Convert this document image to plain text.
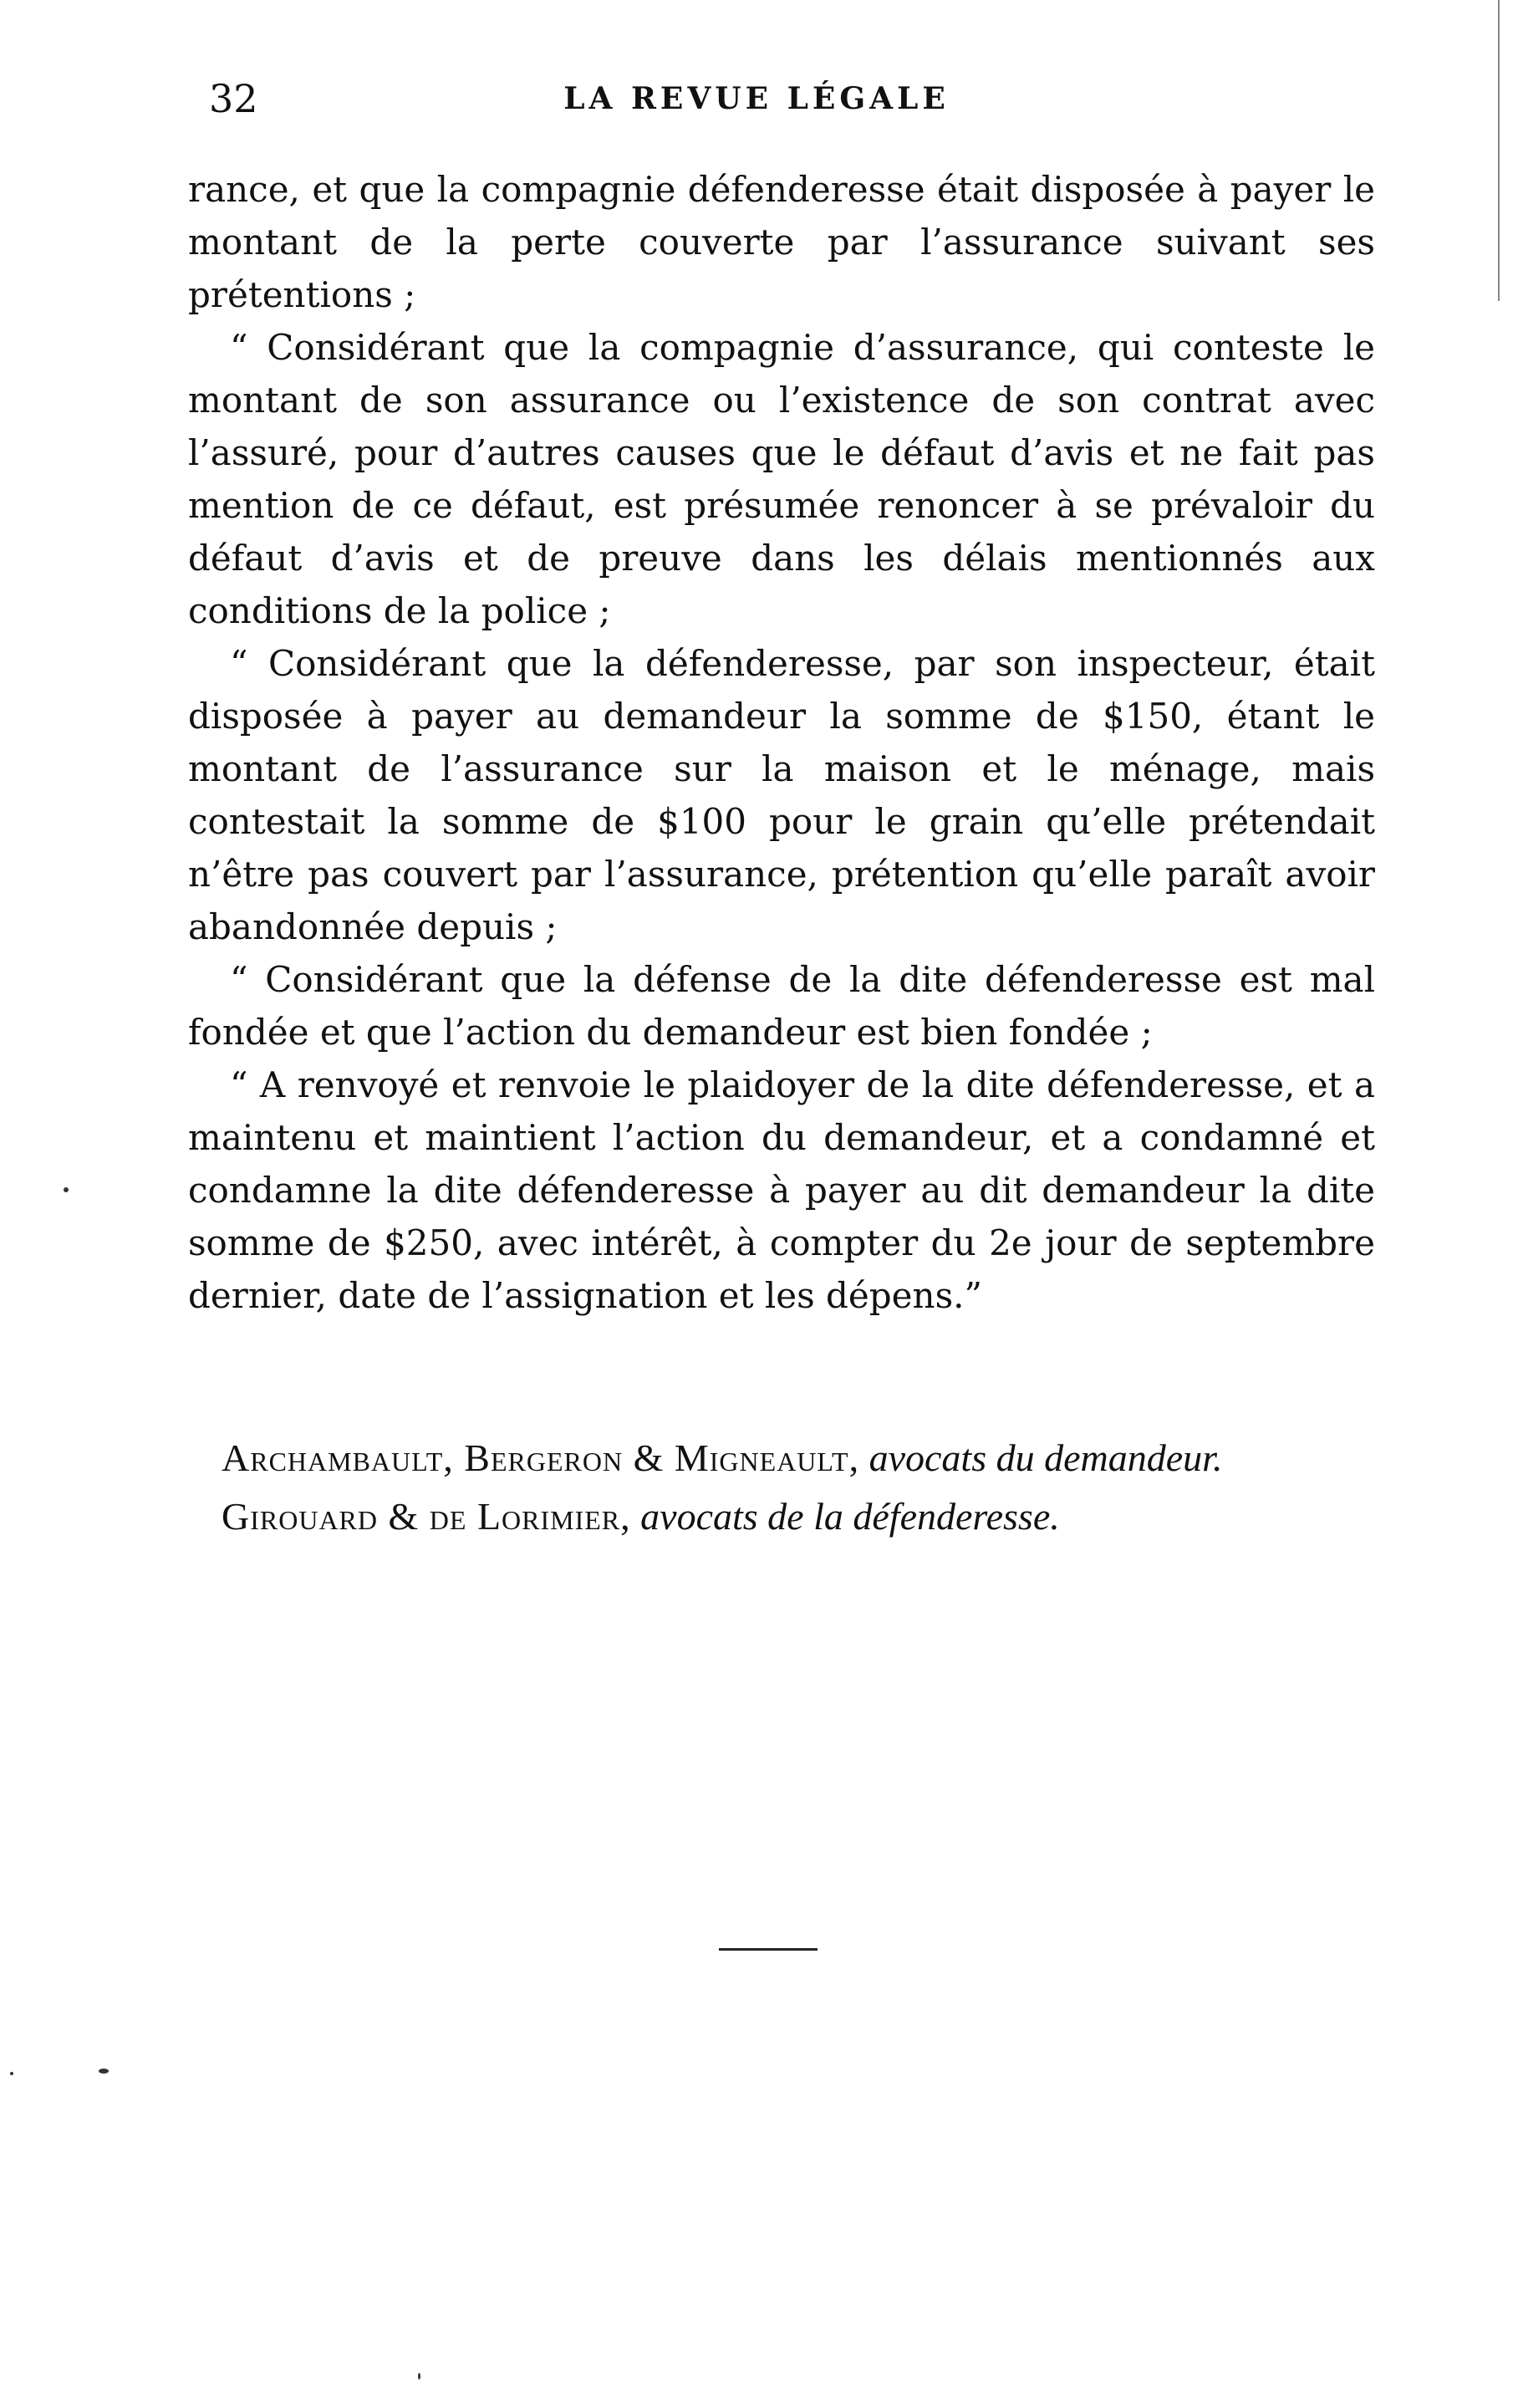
32	LA REVUE LÉGALE

rance, et que la compagnie défenderesse était disposée à payer le montant de la perte couverte par l’assurance suivant ses prétentions ;

“ Considérant que la compagnie d’assurance, qui conteste le montant de son assurance ou l’existence de son contrat avec l’assuré, pour d’autres causes que le défaut d’avis et ne fait pas mention de ce défaut, est présumée renoncer à se prévaloir du défaut d’avis et de preuve dans les délais mentionnés aux conditions de la police ;

“ Considérant que la défenderesse, par son inspecteur, était disposée à payer au demandeur la somme de $150, étant le montant de l’assurance sur la maison et le ménage, mais contestait la somme de $100 pour le grain qu’elle prétendait n’être pas couvert par l’assurance, prétention qu’elle paraît avoir abandonnée depuis ;

“ Considérant que la défense de la dite défenderesse est mal fondée et que l’action du demandeur est bien fondée ;

“ A renvoyé et renvoie le plaidoyer de la dite défenderesse, et a maintenu et maintient l’action du demandeur, et a condamné et condamne la dite défenderesse à payer au dit demandeur la dite somme de $250, avec intérêt, à compter du 2e jour de septembre dernier, date de l’assignation et les dépens.”

Archambault, Bergeron & Migneault, avocats du demandeur.

Girouard & de Lorimier, avocats de la défenderesse.
